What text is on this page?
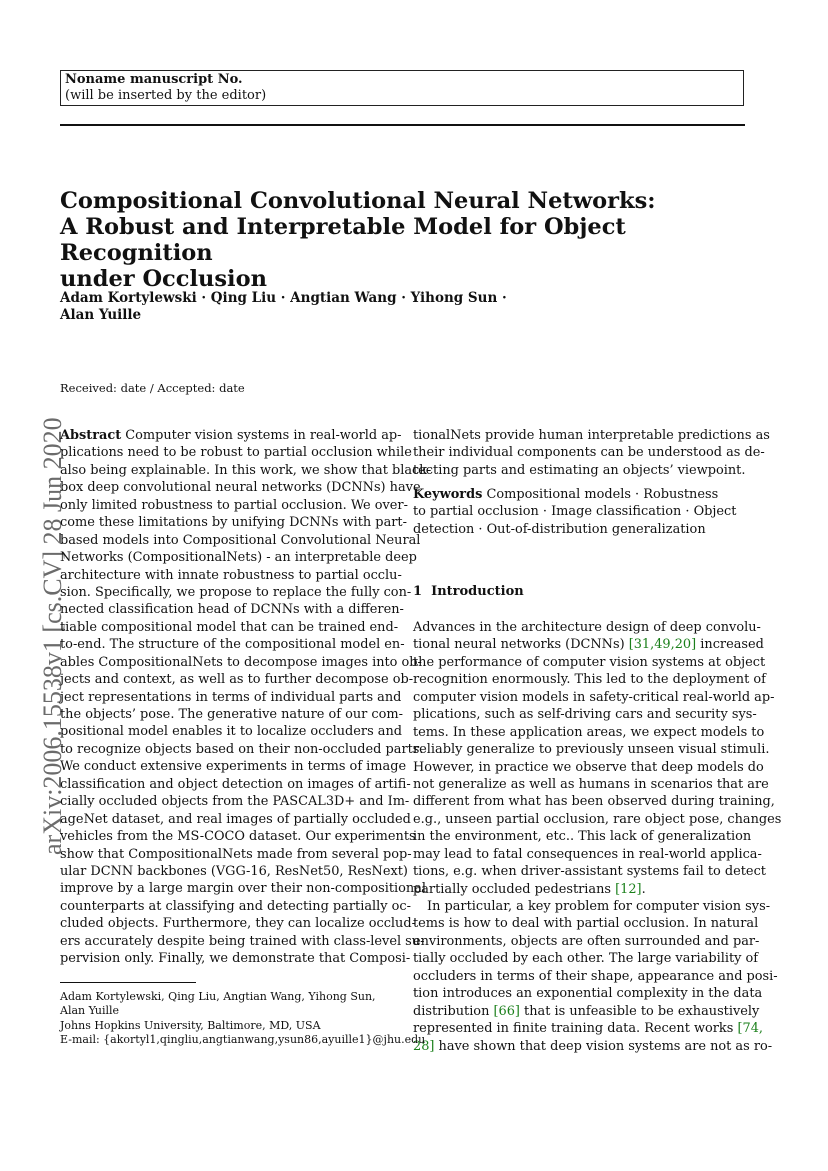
Noname manuscript No.
(will be inserted by the editor)
Compositional Convolutional Neural Networks:
A Robust and Interpretable Model for Object Recognition
under Occlusion
Adam Kortylewski · Qing Liu · Angtian Wang · Yihong Sun ·
Alan Yuille
arXiv:2006.15538v1 [cs.CV] 28 Jun 2020
Received: date / Accepted: date
Abstract Computer vision systems in real-world ap-
plications need to be robust to partial occlusion while
also being explainable. In this work, we show that black-
box deep convolutional neural networks (DCNNs) have
only limited robustness to partial occlusion. We over-
come these limitations by unifying DCNNs with part-
based models into Compositional Convolutional Neural
Networks (CompositionalNets) - an interpretable deep
architecture with innate robustness to partial occlu-
sion. Specifically, we propose to replace the fully con-
nected classification head of DCNNs with a differen-
tiable compositional model that can be trained end-
to-end. The structure of the compositional model en-
ables CompositionalNets to decompose images into ob-
jects and context, as well as to further decompose ob-
ject representations in terms of individual parts and
the objects’ pose. The generative nature of our com-
positional model enables it to localize occluders and
to recognize objects based on their non-occluded parts.
We conduct extensive experiments in terms of image
classification and object detection on images of artifi-
cially occluded objects from the PASCAL3D+ and Im-
ageNet dataset, and real images of partially occluded
vehicles from the MS-COCO dataset. Our experiments
show that CompositionalNets made from several pop-
ular DCNN backbones (VGG-16, ResNet50, ResNext)
improve by a large margin over their non-compositional
counterparts at classifying and detecting partially oc-
cluded objects. Furthermore, they can localize occlud-
ers accurately despite being trained with class-level su-
pervision only. Finally, we demonstrate that Composi-
tionalNets provide human interpretable predictions as
their individual components can be understood as de-
tecting parts and estimating an objects’ viewpoint.
Keywords Compositional models · Robustness
to partial occlusion · Image classification · Object
detection · Out-of-distribution generalization
1 Introduction
Advances in the architecture design of deep convolu-
tional neural networks (DCNNs) [31,49,20] increased
the performance of computer vision systems at object
recognition enormously. This led to the deployment of
computer vision models in safety-critical real-world ap-
plications, such as self-driving cars and security sys-
tems. In these application areas, we expect models to
reliably generalize to previously unseen visual stimuli.
However, in practice we observe that deep models do
not generalize as well as humans in scenarios that are
different from what has been observed during training,
e.g., unseen partial occlusion, rare object pose, changes
in the environment, etc.. This lack of generalization
may lead to fatal consequences in real-world applica-
tions, e.g. when driver-assistant systems fail to detect
partially occluded pedestrians [12].
In particular, a key problem for computer vision sys-
tems is how to deal with partial occlusion. In natural
environments, objects are often surrounded and par-
tially occluded by each other. The large variability of
occluders in terms of their shape, appearance and posi-
tion introduces an exponential complexity in the data
distribution [66] that is unfeasible to be exhaustively
represented in finite training data. Recent works [74,
28] have shown that deep vision systems are not as ro-
Adam Kortylewski, Qing Liu, Angtian Wang, Yihong Sun,
Alan Yuille
Johns Hopkins University, Baltimore, MD, USA
E-mail: {akortyl1,qingliu,angtianwang,ysun86,ayuille1}@jhu.edu
